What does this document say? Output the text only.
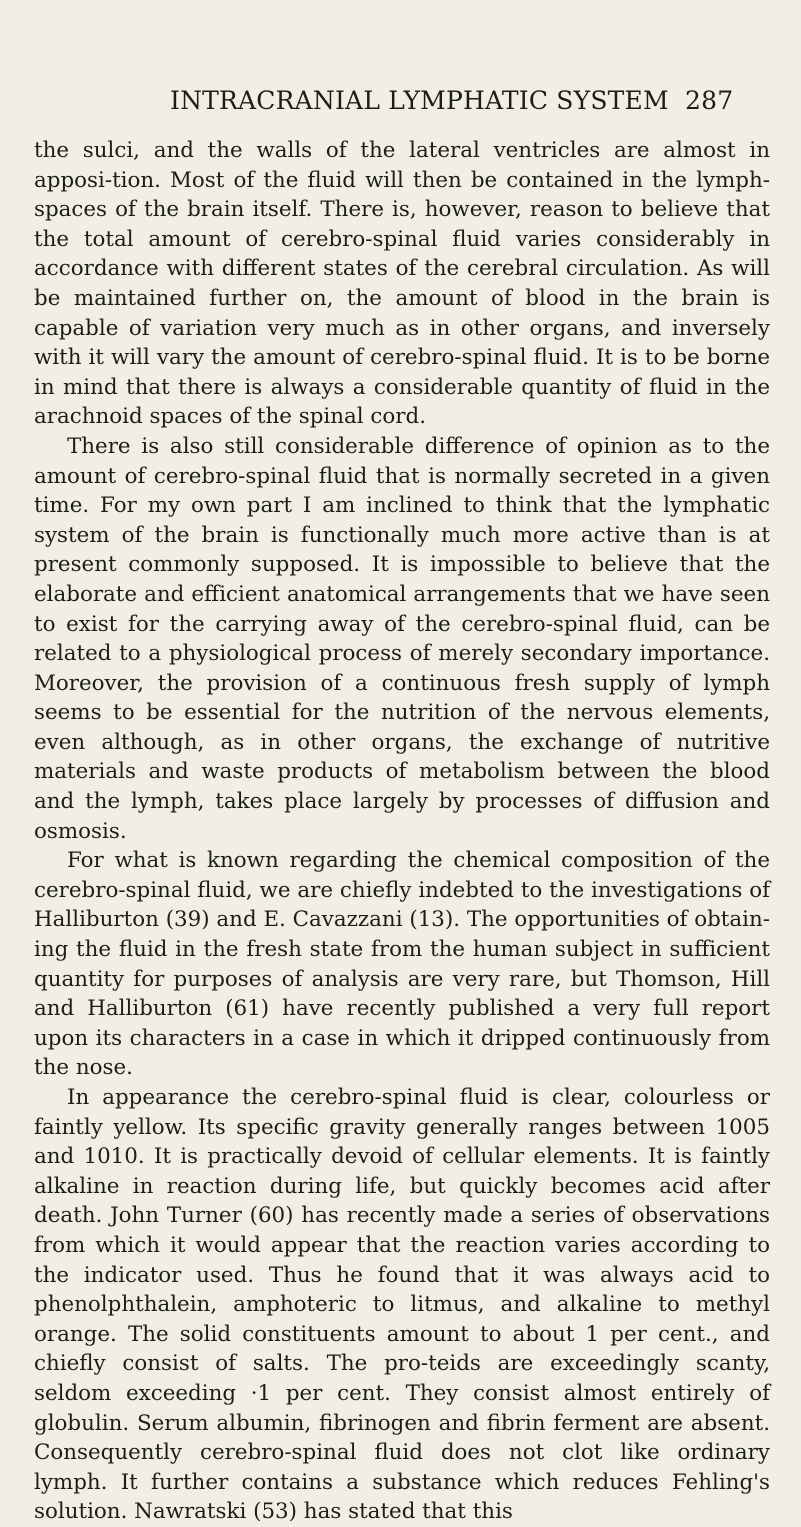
INTRACRANIAL LYMPHATIC SYSTEM 287

the sulci, and the walls of the lateral ventricles are almost in apposi-tion. Most of the fluid will then be contained in the lymph-spaces of the brain itself. There is, however, reason to believe that the total amount of cerebro-spinal fluid varies considerably in accordance with different states of the cerebral circulation. As will be maintained further on, the amount of blood in the brain is capable of variation very much as in other organs, and inversely with it will vary the amount of cerebro-spinal fluid. It is to be borne in mind that there is always a considerable quantity of fluid in the arachnoid spaces of the spinal cord.

There is also still considerable difference of opinion as to the amount of cerebro-spinal fluid that is normally secreted in a given time. For my own part I am inclined to think that the lymphatic system of the brain is functionally much more active than is at present commonly supposed. It is impossible to believe that the elaborate and efficient anatomical arrangements that we have seen to exist for the carrying away of the cerebro-spinal fluid, can be related to a physiological process of merely secondary importance. Moreover, the provision of a continuous fresh supply of lymph seems to be essential for the nutrition of the nervous elements, even although, as in other organs, the exchange of nutritive materials and waste products of metabolism between the blood and the lymph, takes place largely by processes of diffusion and osmosis.

For what is known regarding the chemical composition of the cerebro-spinal fluid, we are chiefly indebted to the investigations of Halliburton (39) and E. Cavazzani (13). The opportunities of obtain-ing the fluid in the fresh state from the human subject in sufficient quantity for purposes of analysis are very rare, but Thomson, Hill and Halliburton (61) have recently published a very full report upon its characters in a case in which it dripped continuously from the nose.

In appearance the cerebro-spinal fluid is clear, colourless or faintly yellow. Its specific gravity generally ranges between 1005 and 1010. It is practically devoid of cellular elements. It is faintly alkaline in reaction during life, but quickly becomes acid after death. John Turner (60) has recently made a series of observations from which it would appear that the reaction varies according to the indicator used. Thus he found that it was always acid to phenolphthalein, amphoteric to litmus, and alkaline to methyl orange. The solid constituents amount to about 1 per cent., and chiefly consist of salts. The pro-teids are exceedingly scanty, seldom exceeding ·1 per cent. They consist almost entirely of globulin. Serum albumin, fibrinogen and fibrin ferment are absent. Consequently cerebro-spinal fluid does not clot like ordinary lymph. It further contains a substance which reduces Fehling's solution. Nawratski (53) has stated that this
